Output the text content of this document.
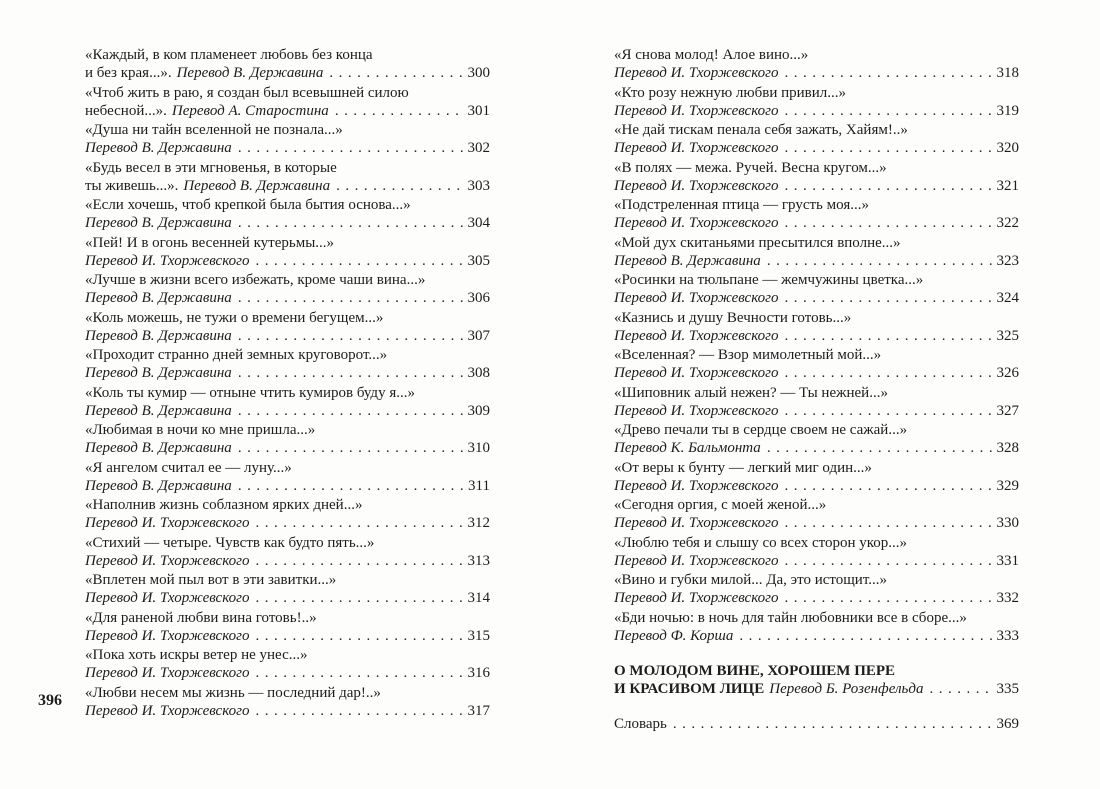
396
«Каждый, в ком пламенеет любовь без конца
и без края...». Перевод В. Державина .....	300
«Чтоб жить в раю, я создан был всевышней силою
небесной...». Перевод А. Старостина .....	301
«Душа ни тайн вселенной не познала...»
Перевод В. Державина .....	302
«Будь весел в эти мгновенья, в которые
ты живешь...». Перевод В. Державина .....	303
«Если хочешь, чтоб крепкой была бытия основа...»
Перевод В. Державина .....	304
«Пей! И в огонь весенней кутерьмы...»
Перевод И. Тхоржевского .....	305
«Лучше в жизни всего избежать, кроме чаши вина...»
Перевод В. Державина .....	306
«Коль можешь, не тужи о времени бегущем...»
Перевод В. Державина .....	307
«Проходит странно дней земных круговорот...»
Перевод В. Державина .....	308
«Коль ты кумир — отныне чтить кумиров буду я...»
Перевод В. Державина .....	309
«Любимая в ночи ко мне пришла...»
Перевод В. Державина .....	310
«Я ангелом считал ее — луну...»
Перевод В. Державина .....	311
«Наполнив жизнь соблазном ярких дней...»
Перевод И. Тхоржевского .....	312
«Стихий — четыре. Чувств как будто пять...»
Перевод И. Тхоржевского .....	313
«Вплетен мой пыл вот в эти завитки...»
Перевод И. Тхоржевского .....	314
«Для раненой любви вина готовь!..»
Перевод И. Тхоржевского .....	315
«Пока хоть искры ветер не унес...»
Перевод И. Тхоржевского .....	316
«Любви несем мы жизнь — последний дар!..»
Перевод И. Тхоржевского .....	317
«Я снова молод! Алое вино...»
Перевод И. Тхоржевского .....	318
«Кто розу нежную любви привил...»
Перевод И. Тхоржевского .....	319
«Не дай тискам пенала себя зажать, Хайям!..»
Перевод И. Тхоржевского .....	320
«В полях — межа. Ручей. Весна кругом...»
Перевод И. Тхоржевского .....	321
«Подстреленная птица — грусть моя...»
Перевод И. Тхоржевского .....	322
«Мой дух скитаньями пресытился вполне...»
Перевод В. Державина .....	323
«Росинки на тюльпане — жемчужины цветка...»
Перевод И. Тхоржевского .....	324
«Казнись и душу Вечности готовь...»
Перевод И. Тхоржевского .....	325
«Вселенная? — Взор мимолетный мой...»
Перевод И. Тхоржевского .....	326
«Шиповник алый нежен? — Ты нежней...»
Перевод И. Тхоржевского .....	327
«Древо печали ты в сердце своем не сажай...»
Перевод К. Бальмонта .....	328
«От веры к бунту — легкий миг один...»
Перевод И. Тхоржевского .....	329
«Сегодня оргия, с моей женой...»
Перевод И. Тхоржевского .....	330
«Люблю тебя и слышу со всех сторон укор...»
Перевод И. Тхоржевского .....	331
«Вино и губки милой... Да, это истощит...»
Перевод И. Тхоржевского .....	332
«Бди ночью: в ночь для тайн любовники все в сборе...»
Перевод Ф. Корша .....	333
О МОЛОДОМ ВИНЕ, ХОРОШЕМ ПЕРЕ
И КРАСИВОМ ЛИЦЕ Перевод Б. Розенфельда .....	335
Словарь .....	369
